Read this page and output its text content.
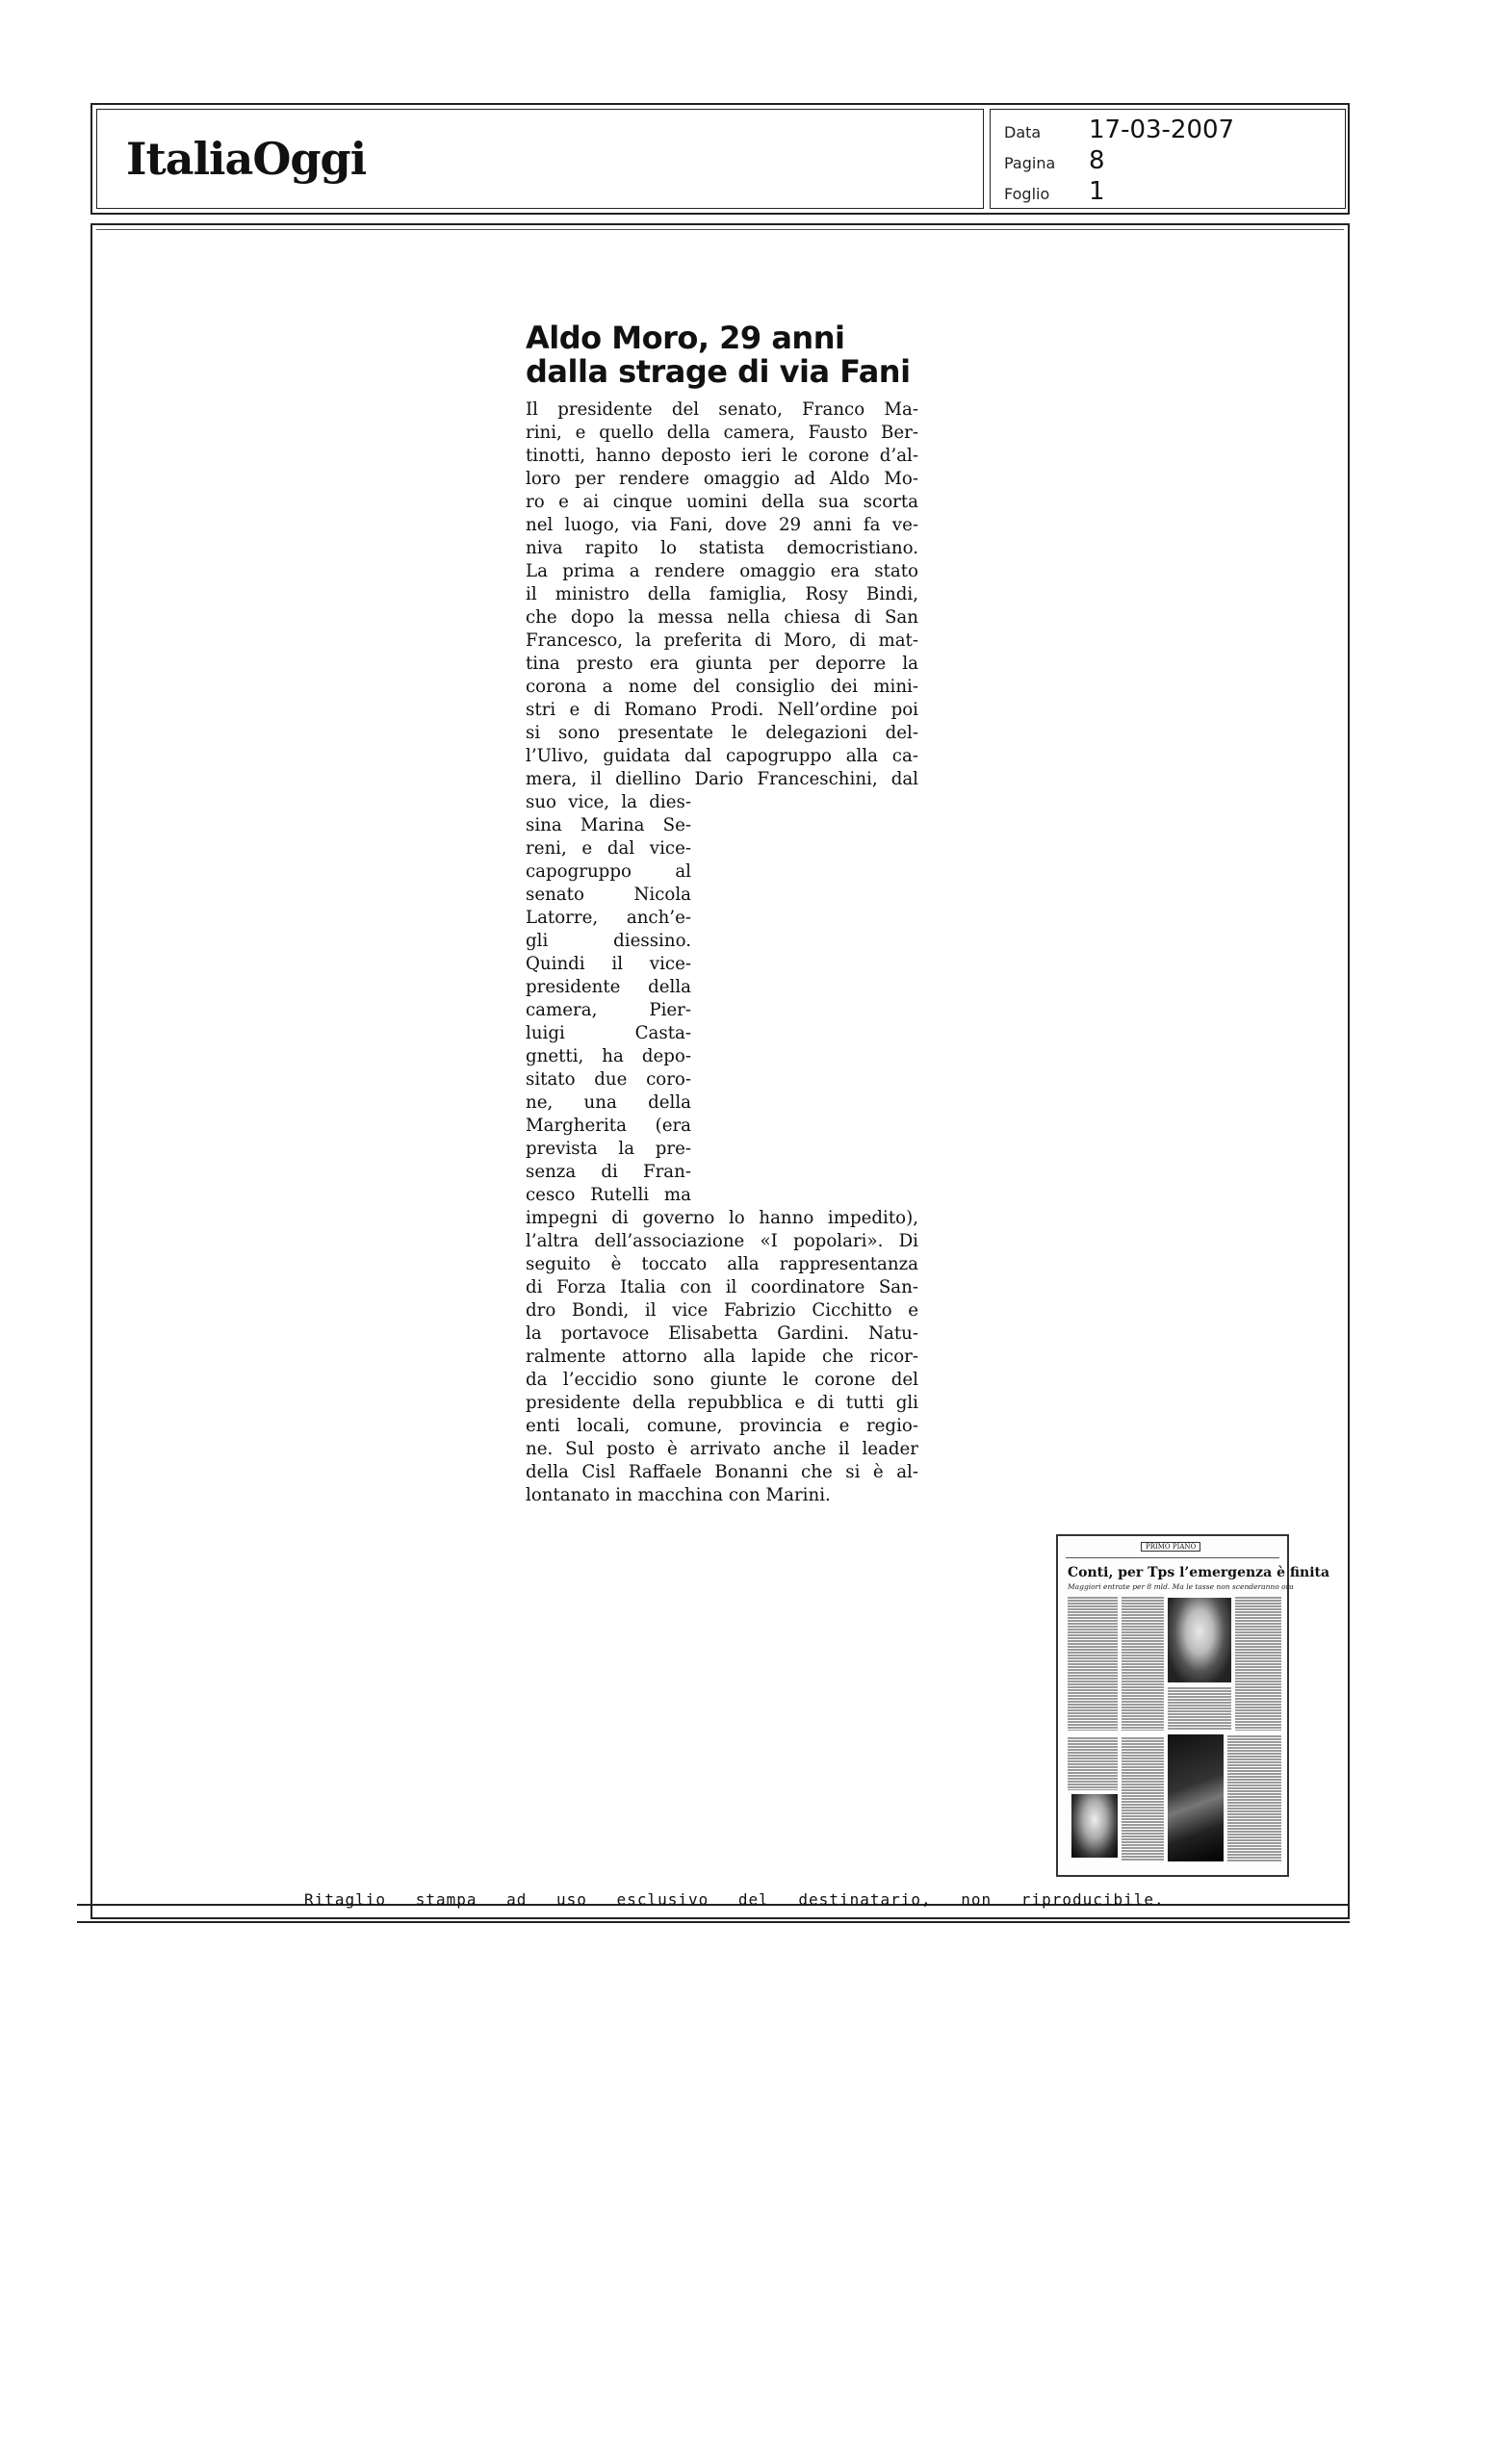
ItaliaOggi
Data	17-03-2007
Pagina	8
Foglio	1
Aldo Moro, 29 anni
dalla strage di via Fani

Il presidente del senato, Franco Ma-

rini, e quello della camera, Fausto Ber-

tinotti, hanno deposto ieri le corone d’al-

loro per rendere omaggio ad Aldo Mo-

ro e ai cinque uomini della sua scorta

nel luogo, via Fani, dove 29 anni fa ve-

niva rapito lo statista democristiano.

La prima a rendere omaggio era stato

il ministro della famiglia, Rosy Bindi,

che dopo la messa nella chiesa di San

Francesco, la preferita di Moro, di mat-

tina presto era giunta per deporre la

corona a nome del consiglio dei mini-

stri e di Romano Prodi. Nell’ordine poi

si sono presentate le delegazioni del-

l’Ulivo, guidata dal capogruppo alla ca-

mera, il diellino Dario Franceschini, dal

suo vice, la dies-

sina Marina Se-

reni, e dal vice-

capogruppo al

senato Nicola

Latorre, anch’e-

gli diessino.

Quindi il vice-

presidente della

camera, Pier-

luigi Casta-

gnetti, ha depo-

sitato due coro-

ne, una della

Margherita (era

prevista la pre-

senza di Fran-

cesco Rutelli ma

impegni di governo lo hanno impedito),

l’altra dell’associazione «I popolari». Di

seguito è toccato alla rappresentanza

di Forza Italia con il coordinatore San-

dro Bondi, il vice Fabrizio Cicchitto e

la portavoce Elisabetta Gardini. Natu-

ralmente attorno alla lapide che ricor-

da l’eccidio sono giunte le corone del

presidente della repubblica e di tutti gli

enti locali, comune, provincia e regio-

ne. Sul posto è arrivato anche il leader

della Cisl Raffaele Bonanni che si è al-

lontanato in macchina con Marini.

PRIMO PIANO
Conti, per Tps l’emergenza è finita
Maggiori entrate per 8 mld. Ma le tasse non scenderanno ora
Ritaglio stampa ad uso esclusivo del destinatario, non riproducibile.
